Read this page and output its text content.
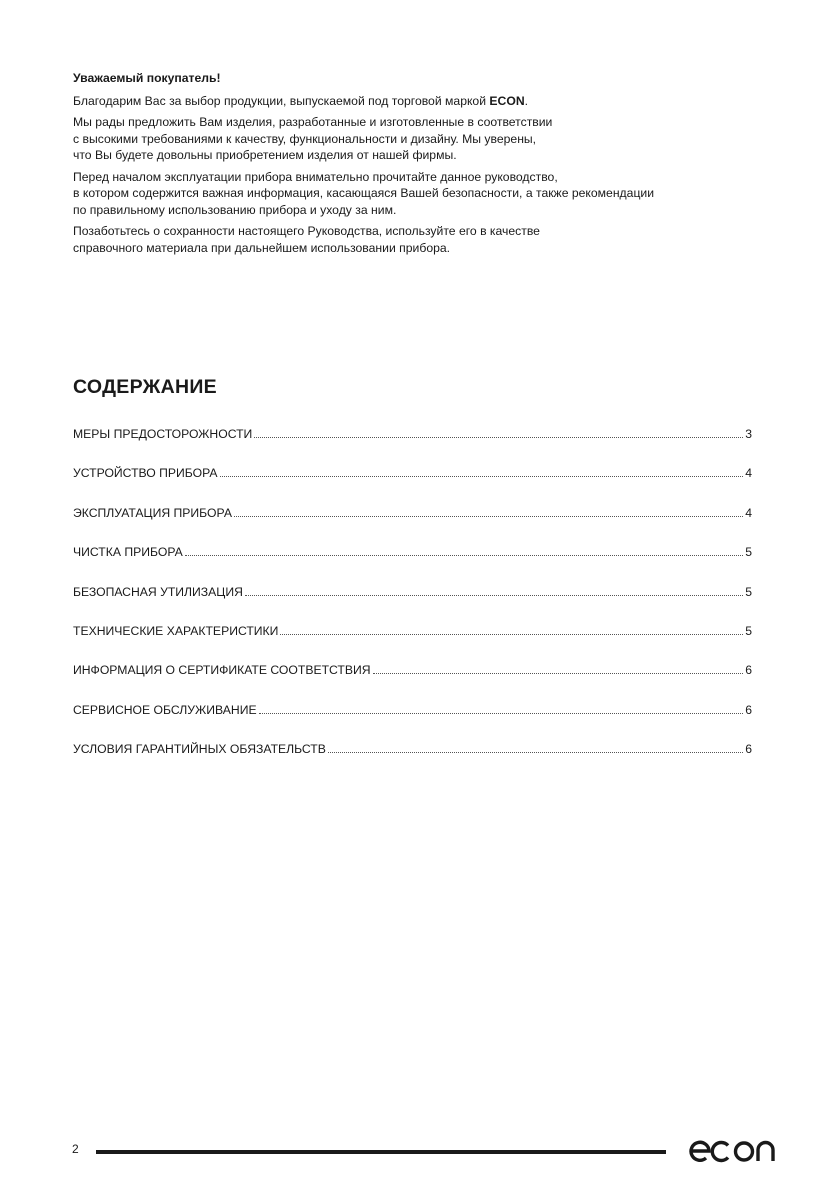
Уважаемый покупатель!

Благодарим Вас за выбор продукции, выпускаемой под торговой маркой ECON.

Мы рады предложить Вам изделия, разработанные и изготовленные в соответствии
с высокими требованиями к качеству, функциональности и дизайну. Мы уверены,
что Вы будете довольны приобретением изделия от нашей фирмы.

Перед началом эксплуатации прибора внимательно прочитайте данное руководство,
в котором содержится важная информация, касающаяся Вашей безопасности, а также рекомендации
по правильному использованию прибора и уходу за ним.

Позаботьтесь о сохранности настоящего Руководства, используйте его в качестве
справочного материала при дальнейшем использовании прибора.

СОДЕРЖАНИЕ
МЕРЫ ПРЕДОСТОРОЖНОСТИ	3
УСТРОЙСТВО ПРИБОРА	4
ЭКСПЛУАТАЦИЯ ПРИБОРА	4
ЧИСТКА ПРИБОРА	5
БЕЗОПАСНАЯ УТИЛИЗАЦИЯ	5
ТЕХНИЧЕСКИЕ ХАРАКТЕРИСТИКИ	5
ИНФОРМАЦИЯ О СЕРТИФИКАТЕ СООТВЕТСТВИЯ	6
СЕРВИСНОЕ ОБСЛУЖИВАНИЕ	6
УСЛОВИЯ ГАРАНТИЙНЫХ ОБЯЗАТЕЛЬСТВ	6
2
